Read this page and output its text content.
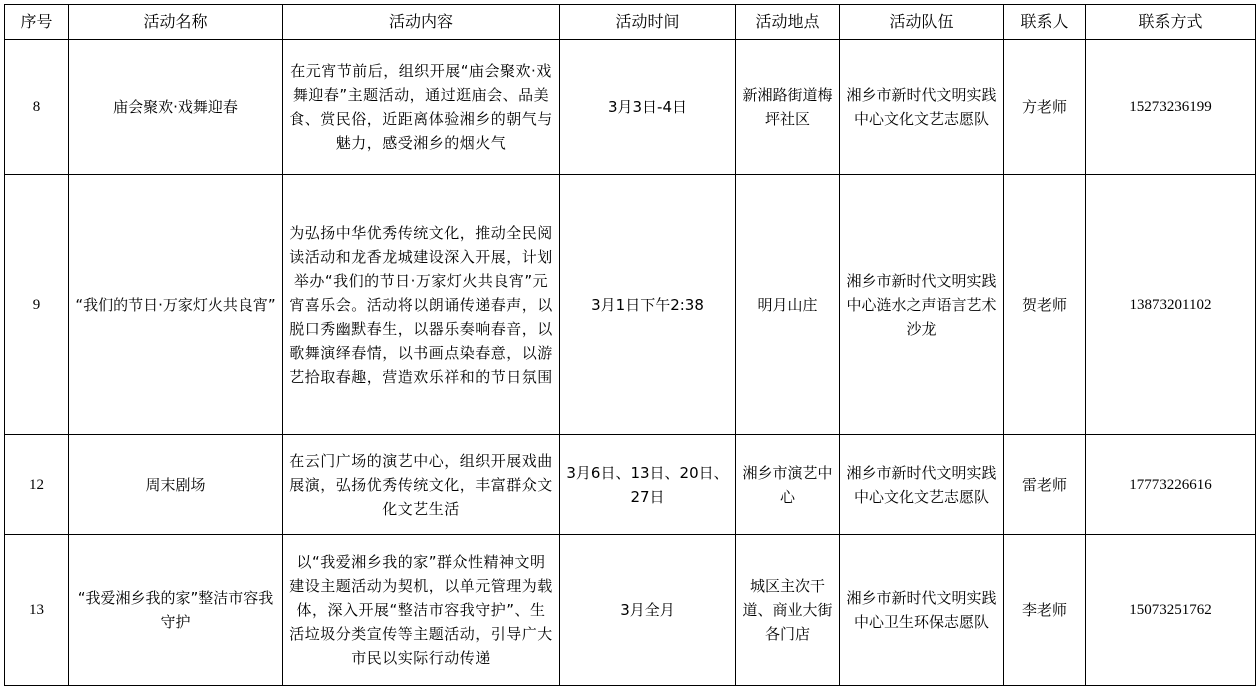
序号	活动名称	活动内容	活动时间	活动地点	活动队伍	联系人	联系方式
8	庙会聚欢·戏舞迎春	在元宵节前后，组织开展“庙会聚欢·戏舞迎春”主题活动，通过逛庙会、品美食、赏民俗，近距离体验湘乡的朝气与魅力，感受湘乡的烟火气	3月3日-4日	新湘路街道梅坪社区	湘乡市新时代文明实践中心文化文艺志愿队	方老师	15273236199
9	“我们的节日·万家灯火共良宵”	为弘扬中华优秀传统文化，推动全民阅读活动和龙香龙城建设深入开展，计划举办“我们的节日·万家灯火共良宵”元宵喜乐会。活动将以朗诵传递春声，以脱口秀幽默春生，以器乐奏响春音，以歌舞演绎春情，以书画点染春意，以游艺拾取春趣，营造欢乐祥和的节日氛围	3月1日下午2:38	明月山庄	湘乡市新时代文明实践中心涟水之声语言艺术沙龙	贺老师	13873201102
12	周末剧场	在云门广场的演艺中心，组织开展戏曲展演，弘扬优秀传统文化，丰富群众文化文艺生活	3月6日、13日、20日、27日	湘乡市演艺中心	湘乡市新时代文明实践中心文化文艺志愿队	雷老师	17773226616
13	“我爱湘乡我的家”整洁市容我守护	以“我爱湘乡我的家”群众性精神文明建设主题活动为契机，以单元管理为载体，深入开展“整洁市容我守护”、生活垃圾分类宣传等主题活动，引导广大市民以实际行动传递	3月全月	城区主次干道、商业大街各门店	湘乡市新时代文明实践中心卫生环保志愿队	李老师	15073251762
